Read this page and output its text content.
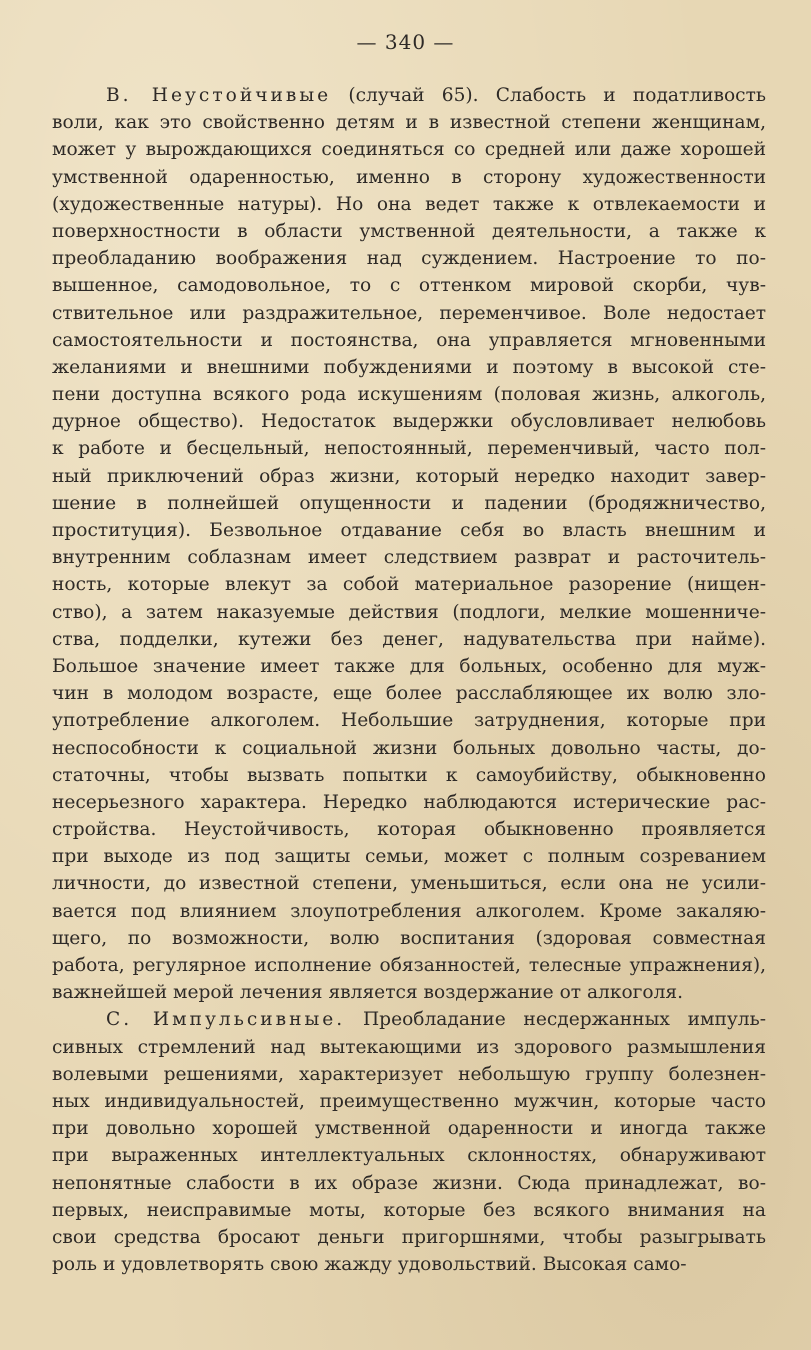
— 340 —
В. Неустойчивые (случай 65). Слабость и податливость
воли, как это свойственно детям и в известной степени женщинам,
может у вырождающихся соединяться со средней или даже хорошей
умственной одаренностью, именно в сторону художественности
(художественные натуры). Но она ведет также к отвлекаемости и
поверхностности в области умственной деятельности, а также к
преобладанию воображения над суждением. Настроение то по-
вышенное, самодовольное, то с оттенком мировой скорби, чув-
ствительное или раздражительное, переменчивое. Воле недостает
самостоятельности и постоянства, она управляется мгновенными
желаниями и внешними побуждениями и поэтому в высокой сте-
пени доступна всякого рода искушениям (половая жизнь, алкоголь,
дурное общество). Недостаток выдержки обусловливает нелюбовь
к работе и бесцельный, непостоянный, переменчивый, часто пол-
ный приключений образ жизни, который нередко находит завер-
шение в полнейшей опущенности и падении (бродяжничество,
проституция). Безвольное отдавание себя во власть внешним и
внутренним соблазнам имеет следствием разврат и расточитель-
ность, которые влекут за собой материальное разорение (нищен-
ство), а затем наказуемые действия (подлоги, мелкие мошенниче-
ства, подделки, кутежи без денег, надувательства при найме).
Большое значение имеет также для больных, особенно для муж-
чин в молодом возрасте, еще более расслабляющее их волю зло-
употребление алкоголем. Небольшие затруднения, которые при
неспособности к социальной жизни больных довольно часты, до-
статочны, чтобы вызвать попытки к самоубийству, обыкновенно
несерьезного характера. Нередко наблюдаются истерические рас-
стройства. Неустойчивость, которая обыкновенно проявляется
при выходе из под защиты семьи, может с полным созреванием
личности, до известной степени, уменьшиться, если она не усили-
вается под влиянием злоупотребления алкоголем. Кроме закаляю-
щего, по возможности, волю воспитания (здоровая совместная
работа, регулярное исполнение обязанностей, телесные упражнения),
важнейшей мерой лечения является воздержание от алкоголя.
С. Импульсивные. Преобладание несдержанных импуль-
сивных стремлений над вытекающими из здорового размышления
волевыми решениями, характеризует небольшую группу болезнен-
ных индивидуальностей, преимущественно мужчин, которые часто
при довольно хорошей умственной одаренности и иногда также
при выраженных интеллектуальных склонностях, обнаруживают
непонятные слабости в их образе жизни. Сюда принадлежат, во-
первых, неисправимые моты, которые без всякого внимания на
свои средства бросают деньги пригоршнями, чтобы разыгрывать
роль и удовлетворять свою жажду удовольствий. Высокая само-
